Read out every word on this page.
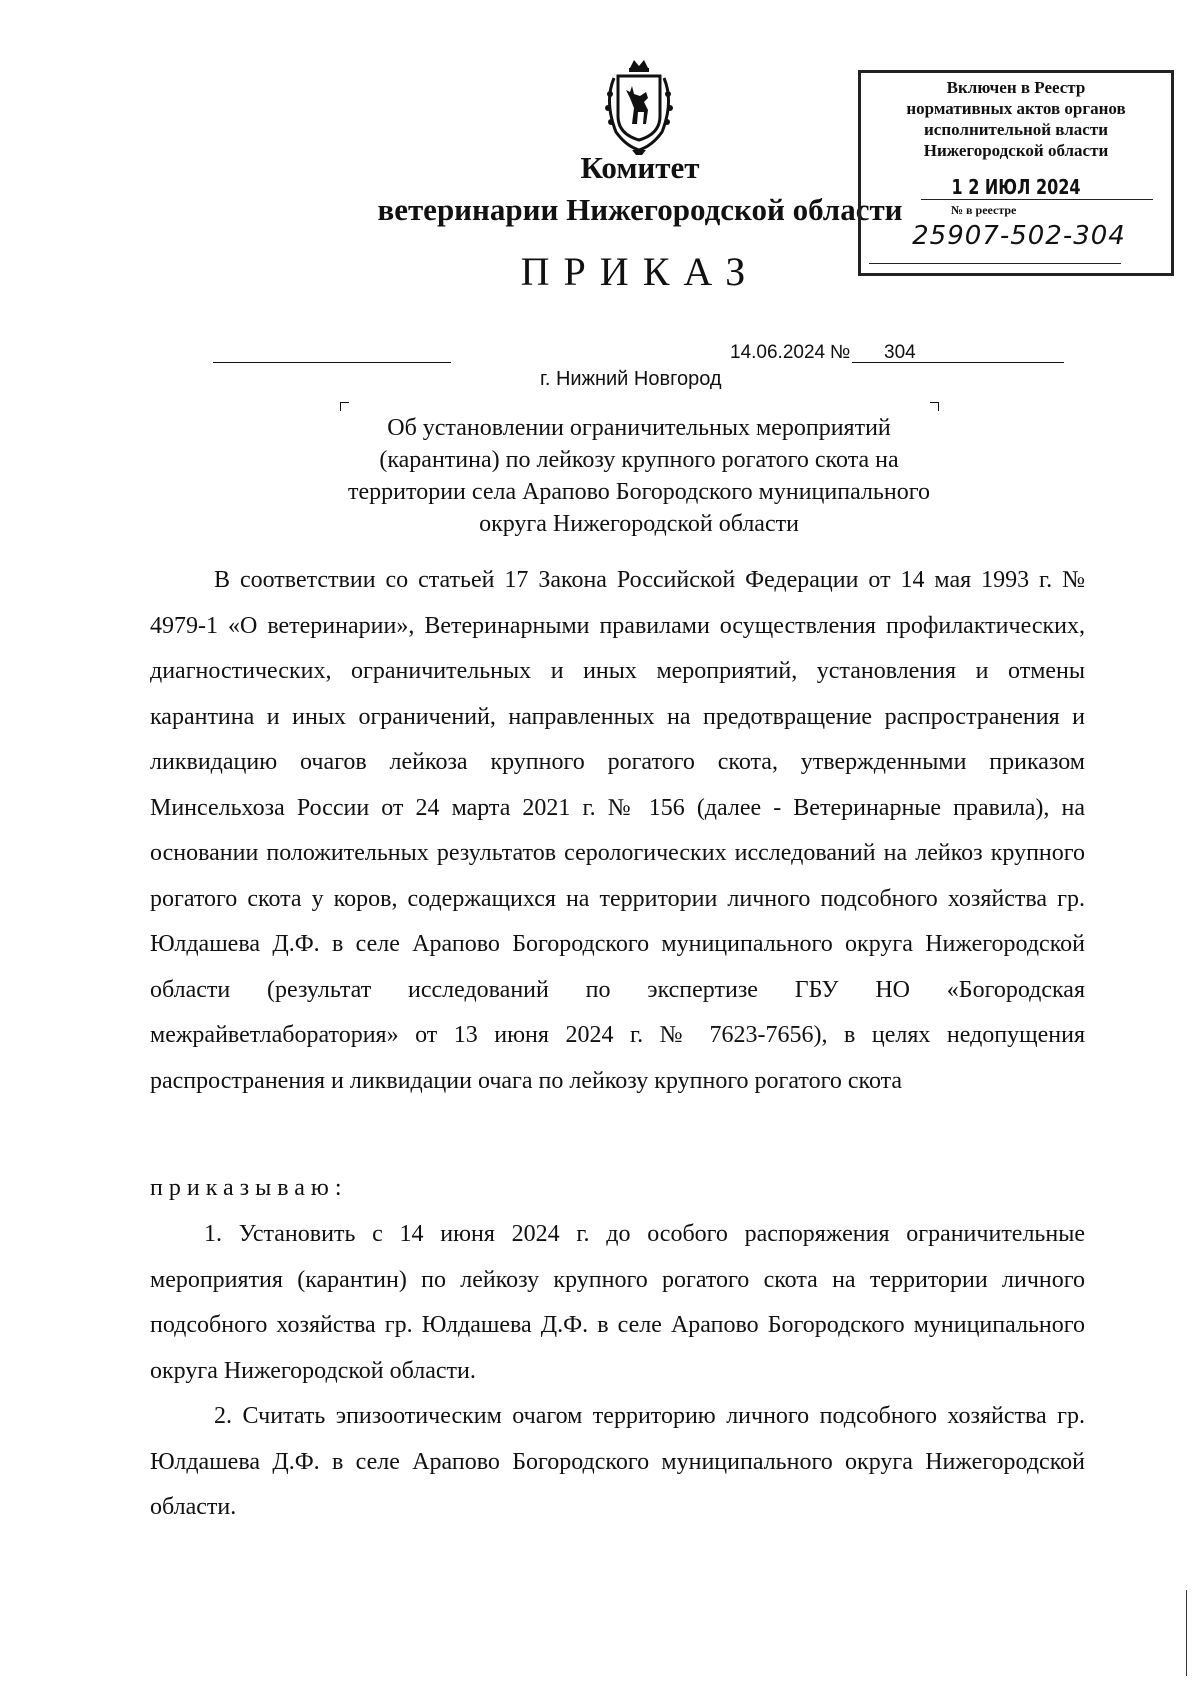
Комитет
ветеринарии Нижегородской области
ПРИКАЗ
Включен в Реестр
нормативных актов органов
исполнительной власти
Нижегородской области
1 2 ИЮЛ 2024
№ в реестре
25907-502-304
14.06.2024 № 304
г. Нижний Новгород
Об установлении ограничительных мероприятий (карантина) по лейкозу крупного рогатого скота на территории села Арапово Богородского муниципального округа Нижегородской области

В соответствии со статьей 17 Закона Российской Федерации от 14 мая 1993 г. № 4979-1 «О ветеринарии», Ветеринарными правилами осуществления профилактических, диагностических, ограничительных и иных мероприятий, установления и отмены карантина и иных ограничений, направленных на предотвращение распространения и ликвидацию очагов лейкоза крупного рогатого скота, утвержденными приказом Минсельхоза России от 24 марта 2021 г. № 156 (далее - Ветеринарные правила), на основании положительных результатов серологических исследований на лейкоз крупного рогатого скота у коров, содержащихся на территории личного подсобного хозяйства гр. Юлдашева Д.Ф. в селе Арапово Богородского муниципального округа Нижегородской области (результат исследований по экспертизе ГБУ НО «Богородская межрайветлаборатория» от 13 июня 2024 г. № 7623-7656), в целях недопущения распространения и ликвидации очага по лейкозу крупного рогатого скота

приказываю:

1. Установить с 14 июня 2024 г. до особого распоряжения ограничительные мероприятия (карантин) по лейкозу крупного рогатого скота на территории личного подсобного хозяйства гр. Юлдашева Д.Ф. в селе Арапово Богородского муниципального округа Нижегородской области.

2. Считать эпизоотическим очагом территорию личного подсобного хозяйства гр. Юлдашева Д.Ф. в селе Арапово Богородского муниципального округа Нижегородской области.
